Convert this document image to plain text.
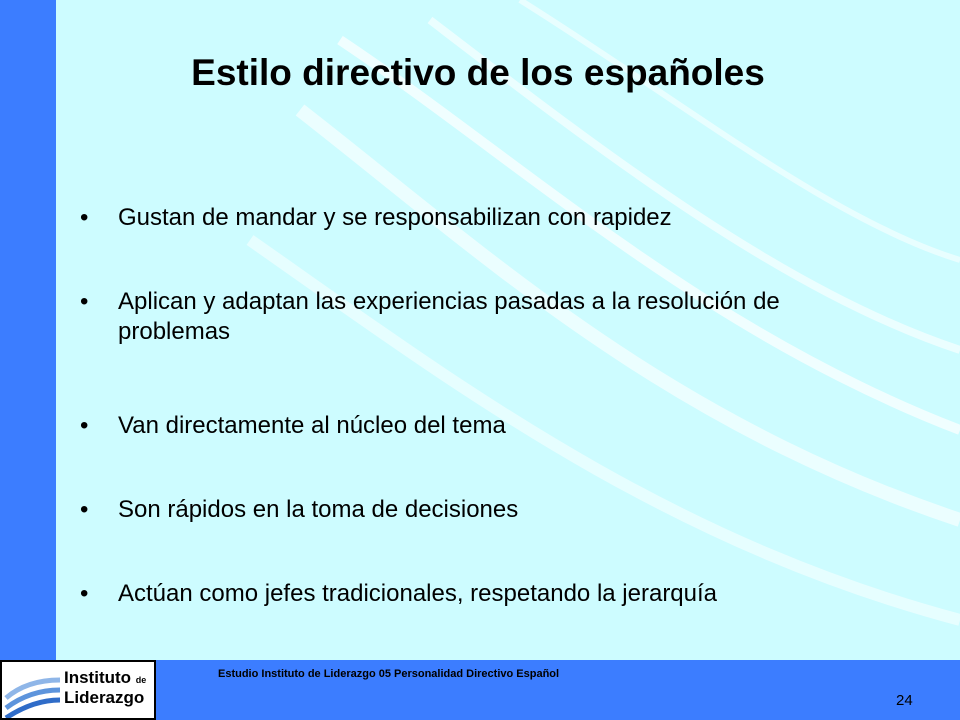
Estilo directivo de los españoles
•	Gustan de mandar y se responsabilizan con rapidez
•	Aplican y adaptan las experiencias pasadas a la resolución de problemas
•	Van directamente al núcleo del tema
•	Son rápidos en la toma de decisiones
•	Actúan como jefes tradicionales, respetando la jerarquía
Instituto de
Liderazgo
Estudio Instituto de Liderazgo 05 Personalidad Directivo Español
24
